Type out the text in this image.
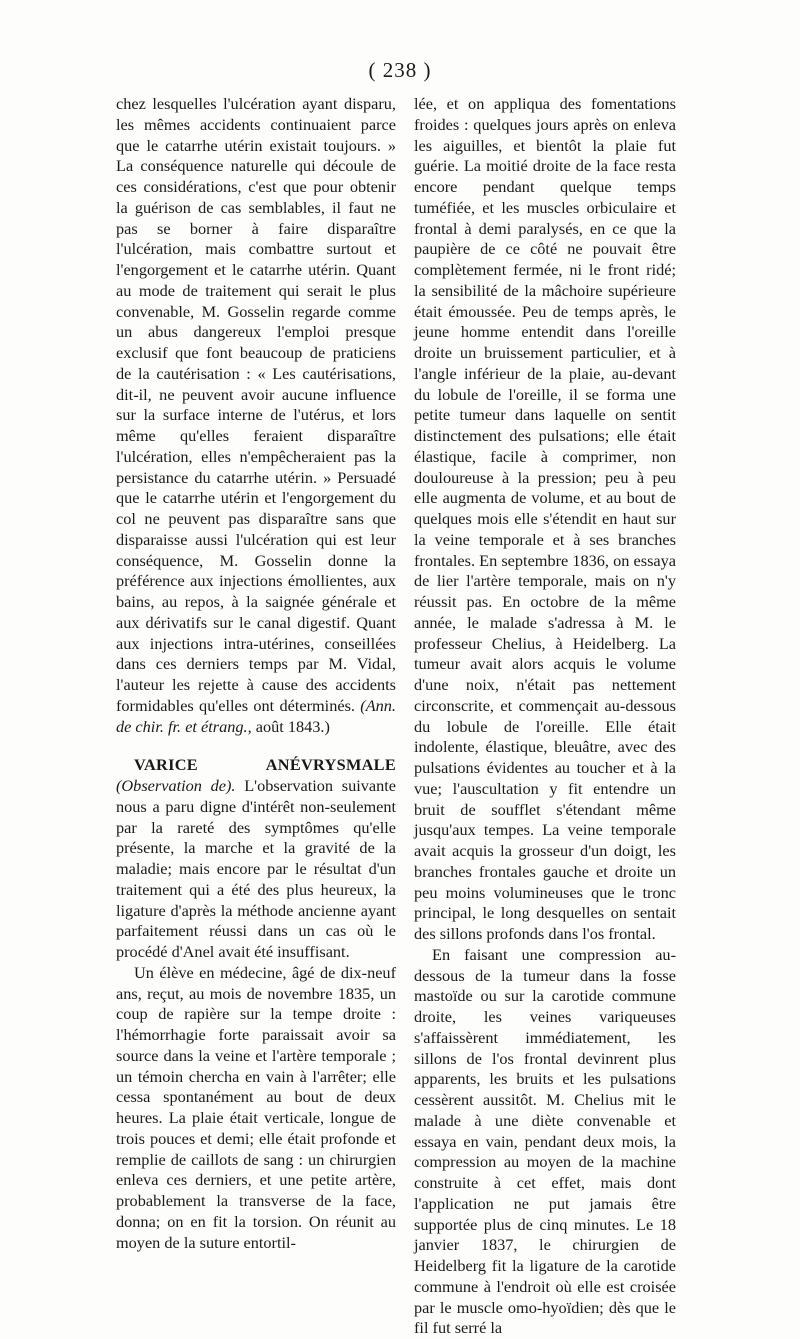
( 238 )

chez lesquelles l'ulcération ayant disparu, les mêmes accidents continuaient parce que le catarrhe utérin existait toujours. » La conséquence naturelle qui découle de ces considérations, c'est que pour obtenir la guérison de cas semblables, il faut ne pas se borner à faire disparaître l'ulcération, mais combattre surtout et l'engorgement et le catarrhe utérin. Quant au mode de traitement qui serait le plus convenable, M. Gosselin regarde comme un abus dangereux l'emploi presque exclusif que font beaucoup de praticiens de la cautérisation : « Les cautérisations, dit-il, ne peuvent avoir aucune influence sur la surface interne de l'utérus, et lors même qu'elles feraient disparaître l'ulcération, elles n'empêcheraient pas la persistance du catarrhe utérin. » Persuadé que le catarrhe utérin et l'engorgement du col ne peuvent pas disparaître sans que disparaisse aussi l'ulcération qui est leur conséquence, M. Gosselin donne la préférence aux injections émollientes, aux bains, au repos, à la saignée générale et aux dérivatifs sur le canal digestif. Quant aux injections intra-utérines, conseillées dans ces derniers temps par M. Vidal, l'auteur les rejette à cause des accidents formidables qu'elles ont déterminés. (Ann. de chir. fr. et étrang., août 1843.)

VARICE ANÉVRYSMALE (Observation de). L'observation suivante nous a paru digne d'intérêt non-seulement par la rareté des symptômes qu'elle présente, la marche et la gravité de la maladie; mais encore par le résultat d'un traitement qui a été des plus heureux, la ligature d'après la méthode ancienne ayant parfaitement réussi dans un cas où le procédé d'Anel avait été insuffisant.

Un élève en médecine, âgé de dix-neuf ans, reçut, au mois de novembre 1835, un coup de rapière sur la tempe droite : l'hémorrhagie forte paraissait avoir sa source dans la veine et l'artère temporale ; un témoin chercha en vain à l'arrêter; elle cessa spontanément au bout de deux heures. La plaie était verticale, longue de trois pouces et demi; elle était profonde et remplie de caillots de sang : un chirurgien enleva ces derniers, et une petite artère, probablement la transverse de la face, donna; on en fit la torsion. On réunit au moyen de la suture entortil-

lée, et on appliqua des fomentations froides : quelques jours après on enleva les aiguilles, et bientôt la plaie fut guérie. La moitié droite de la face resta encore pendant quelque temps tuméfiée, et les muscles orbiculaire et frontal à demi paralysés, en ce que la paupière de ce côté ne pouvait être complètement fermée, ni le front ridé; la sensibilité de la mâchoire supérieure était émoussée. Peu de temps après, le jeune homme entendit dans l'oreille droite un bruissement particulier, et à l'angle inférieur de la plaie, au-devant du lobule de l'oreille, il se forma une petite tumeur dans laquelle on sentit distinctement des pulsations; elle était élastique, facile à comprimer, non douloureuse à la pression; peu à peu elle augmenta de volume, et au bout de quelques mois elle s'étendit en haut sur la veine temporale et à ses branches frontales. En septembre 1836, on essaya de lier l'artère temporale, mais on n'y réussit pas. En octobre de la même année, le malade s'adressa à M. le professeur Chelius, à Heidelberg. La tumeur avait alors acquis le volume d'une noix, n'était pas nettement circonscrite, et commençait au-dessous du lobule de l'oreille. Elle était indolente, élastique, bleuâtre, avec des pulsations évidentes au toucher et à la vue; l'auscultation y fit entendre un bruit de soufflet s'étendant même jusqu'aux tempes. La veine temporale avait acquis la grosseur d'un doigt, les branches frontales gauche et droite un peu moins volumineuses que le tronc principal, le long desquelles on sentait des sillons profonds dans l'os frontal.

En faisant une compression au-dessous de la tumeur dans la fosse mastoïde ou sur la carotide commune droite, les veines variqueuses s'affaissèrent immédiatement, les sillons de l'os frontal devinrent plus apparents, les bruits et les pulsations cessèrent aussitôt. M. Chelius mit le malade à une diète convenable et essaya en vain, pendant deux mois, la compression au moyen de la machine construite à cet effet, mais dont l'application ne put jamais être supportée plus de cinq minutes. Le 18 janvier 1837, le chirurgien de Heidelberg fit la ligature de la carotide commune à l'endroit où elle est croisée par le muscle omo-hyoïdien; dès que le fil fut serré la
